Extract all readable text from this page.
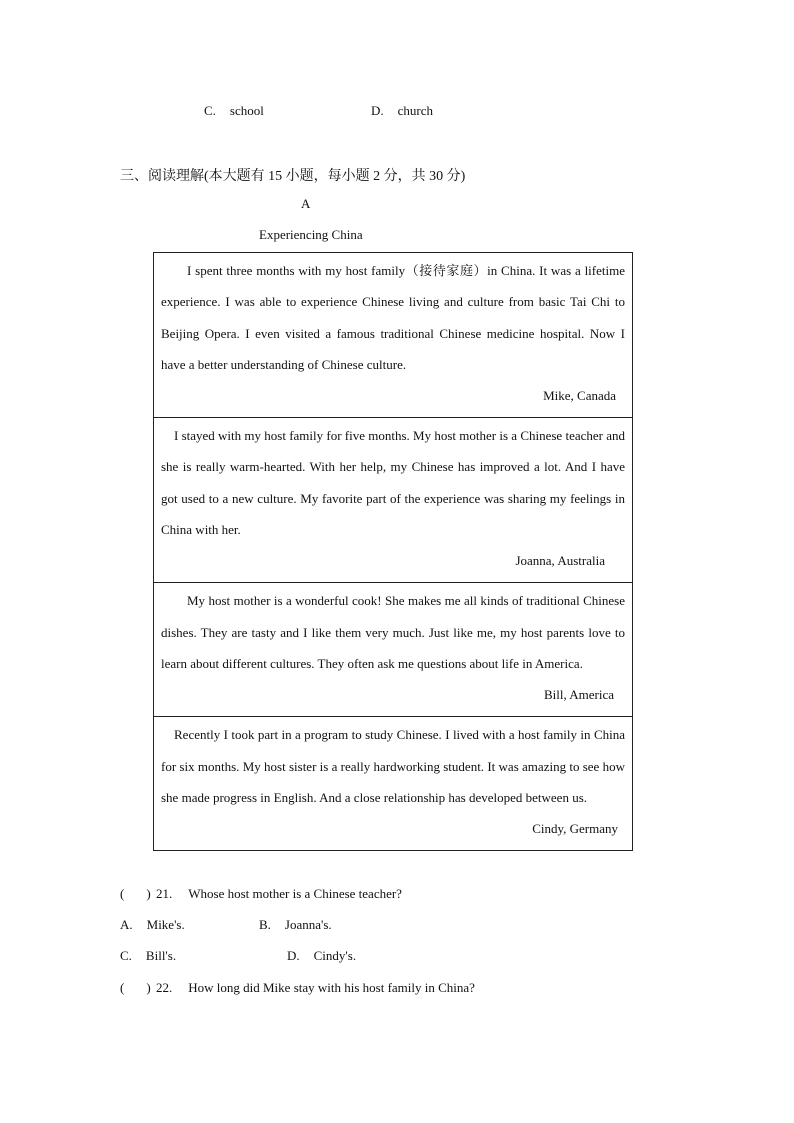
C. school	D. church
三、阅读理解(本大题有 15 小题，每小题 2 分，共 30 分)
A
Experiencing China

I spent three months with my host family（接待家庭）in China. It was a lifetime experience. I was able to experience Chinese living and culture from basic Tai Chi to Beijing Opera. I even visited a famous traditional Chinese medicine hospital. Now I have a better understanding of Chinese culture.

Mike, Canada

I stayed with my host family for five months. My host mother is a Chinese teacher and she is really warm-hearted. With her help, my Chinese has improved a lot. And I have got used to a new culture. My favorite part of the experience was sharing my feelings in China with her.

Joanna, Australia

My host mother is a wonderful cook! She makes me all kinds of traditional Chinese dishes. They are tasty and I like them very much. Just like me, my host parents love to learn about different cultures. They often ask me questions about life in America.

Bill, America

Recently I took part in a program to study Chinese. I lived with a host family in China for six months. My host sister is a really hardworking student. It was amazing to see how she made progress in English. And a close relationship has developed between us.

Cindy, Germany

( ) 21. Whose host mother is a Chinese teacher?
A. Mike's.	B. Joanna's.
C. Bill's.	D. Cindy's.
( ) 22. How long did Mike stay with his host family in China?
